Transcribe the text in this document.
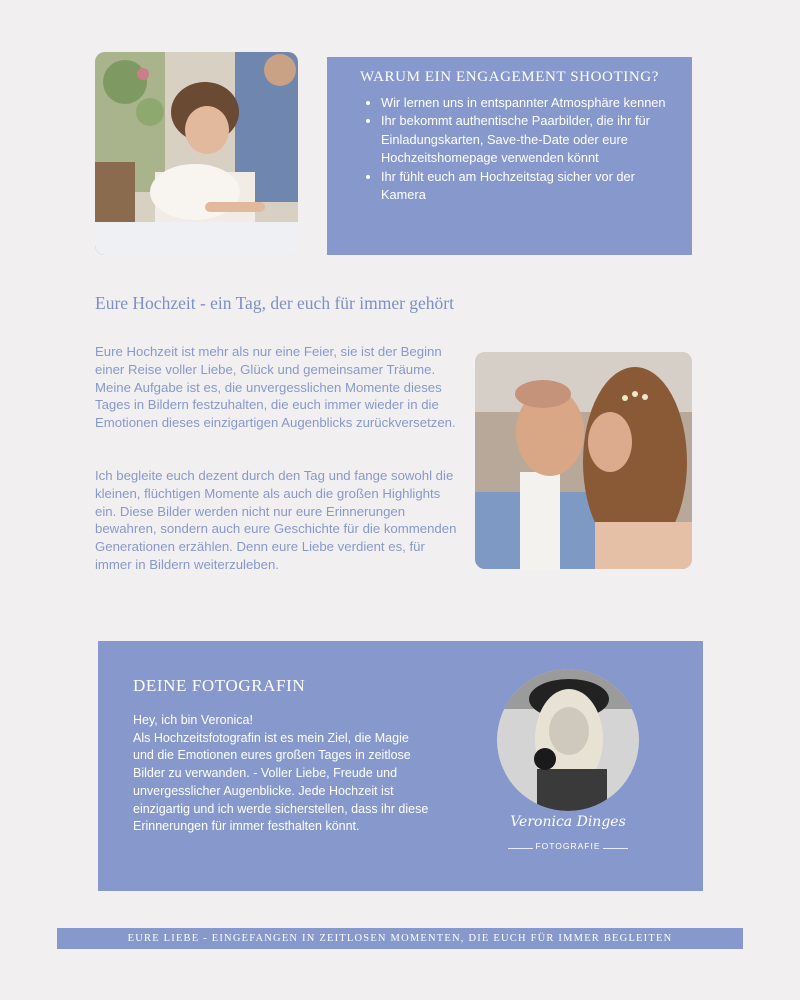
WARUM EIN ENGAGEMENT SHOOTING?
• Wir lernen uns in entspannter Atmosphäre kennen
• Ihr bekommt authentische Paarbilder, die ihr für Einladungskarten, Save-the-Date oder eure Hochzeitshomepage verwenden könnt
• Ihr fühlt euch am Hochzeitstag sicher vor der Kamera
Eure Hochzeit - ein Tag, der euch für immer gehört

Eure Hochzeit ist mehr als nur eine Feier, sie ist der Beginn einer Reise voller Liebe, Glück und gemeinsamer Träume. Meine Aufgabe ist es, die unvergesslichen Momente dieses Tages in Bildern festzuhalten, die euch immer wieder in die Emotionen dieses einzigartigen Augenblicks zurückversetzen.

Ich begleite euch dezent durch den Tag und fange sowohl die kleinen, flüchtigen Momente als auch die großen Highlights ein. Diese Bilder werden nicht nur eure Erinnerungen bewahren, sondern auch eure Geschichte für die kommenden Generationen erzählen. Denn eure Liebe verdient es, für immer in Bildern weiterzuleben.

DEINE FOTOGRAFIN
Hey, ich bin Veronica!
Als Hochzeitsfotografin ist es mein Ziel, die Magie und die Emotionen eures großen Tages in zeitlose Bilder zu verwanden. - Voller Liebe, Freude und unvergesslicher Augenblicke. Jede Hochzeit ist einzigartig und ich werde sicherstellen, dass ihr diese Erinnerungen für immer festhalten könnt.	Veronica Dinges
FOTOGRAFIE
EURE LIEBE - EINGEFANGEN IN ZEITLOSEN MOMENTEN, DIE EUCH FÜR IMMER BEGLEITEN
